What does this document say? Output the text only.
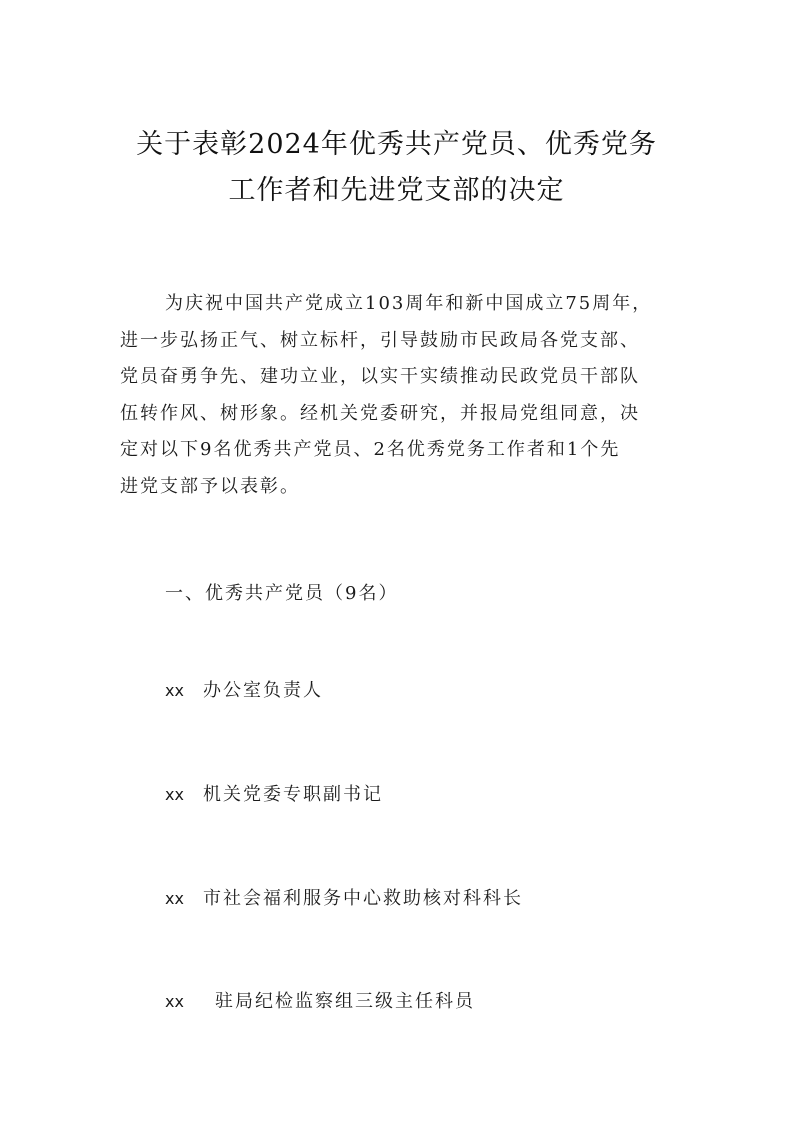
关于表彰2024年优秀共产党员、优秀党务
工作者和先进党支部的决定
为庆祝中国共产党成立103周年和新中国成立75周年，
进一步弘扬正气、树立标杆，引导鼓励市民政局各党支部、
党员奋勇争先、建功立业，以实干实绩推动民政党员干部队
伍转作风、树形象。经机关党委研究，并报局党组同意，决
定对以下9名优秀共产党员、2名优秀党务工作者和1个先
进党支部予以表彰。
一、优秀共产党员（9名）
xx 办公室负责人
xx 机关党委专职副书记
xx 市社会福利服务中心救助核对科科长
xx 驻局纪检监察组三级主任科员
